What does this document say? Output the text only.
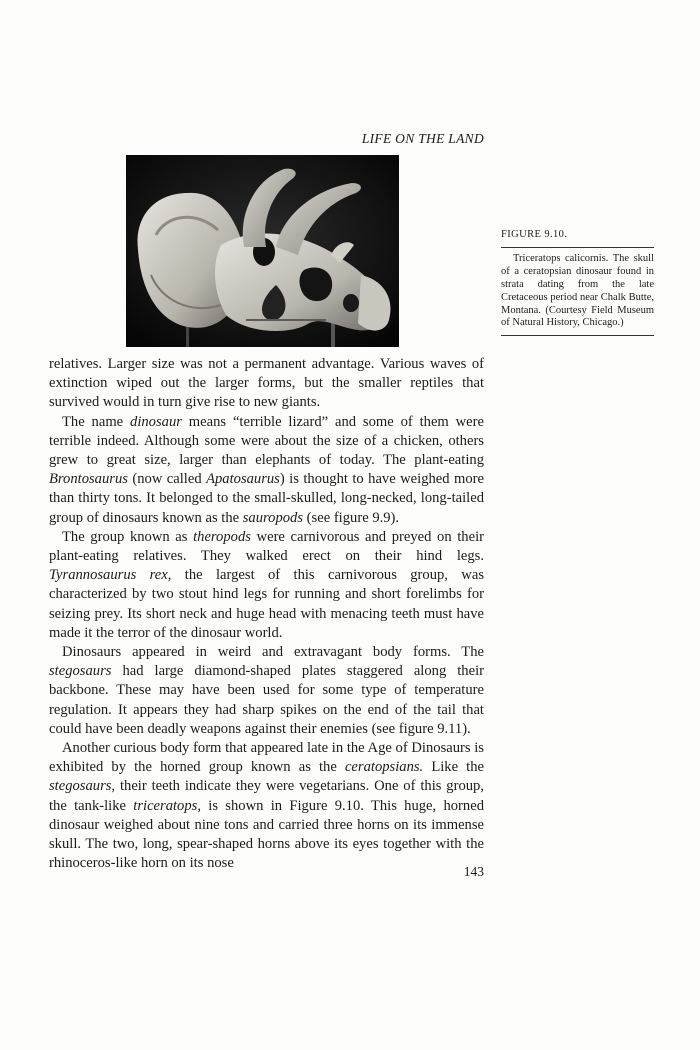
LIFE ON THE LAND
FIGURE 9.10.
Triceratops calicornis. The skull of a ceratopsian dinosaur found in strata dating from the late Cretaceous period near Chalk Butte, Montana. (Courtesy Field Museum of Natural History, Chicago.)

relatives. Larger size was not a permanent advantage. Various waves of extinction wiped out the larger forms, but the smaller reptiles that survived would in turn give rise to new giants.

The name dinosaur means “terrible lizard” and some of them were terrible indeed. Although some were about the size of a chicken, others grew to great size, larger than elephants of today. The plant-eating Brontosaurus (now called Apatosaurus) is thought to have weighed more than thirty tons. It belonged to the small-skulled, long-necked, long-tailed group of dinosaurs known as the sauropods (see figure 9.9).

The group known as theropods were carnivorous and preyed on their plant-eating relatives. They walked erect on their hind legs. Tyrannosaurus rex, the largest of this carnivorous group, was characterized by two stout hind legs for running and short forelimbs for seizing prey. Its short neck and huge head with menacing teeth must have made it the terror of the dinosaur world.

Dinosaurs appeared in weird and extravagant body forms. The stegosaurs had large diamond-shaped plates staggered along their backbone. These may have been used for some type of temperature regulation. It appears they had sharp spikes on the end of the tail that could have been deadly weapons against their enemies (see figure 9.11).

Another curious body form that appeared late in the Age of Dinosaurs is exhibited by the horned group known as the ceratopsians. Like the stegosaurs, their teeth indicate they were vegetarians. One of this group, the tank-like triceratops, is shown in Figure 9.10. This huge, horned dinosaur weighed about nine tons and carried three horns on its immense skull. The two, long, spear-shaped horns above its eyes together with the rhinoceros-like horn on its nose

143
